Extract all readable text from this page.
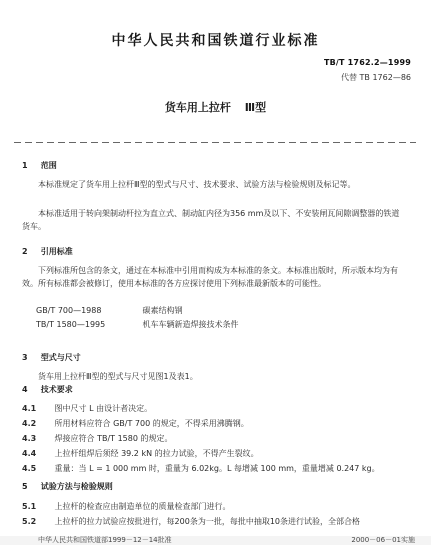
中华人民共和国铁道行业标准
TB/T 1762.2—1999
代替 TB 1762—86
货车用上拉杆 Ⅲ型
1 范围
本标准规定了货车用上拉杆Ⅲ型的型式与尺寸、技术要求、试验方法与检验规则及标记等。
本标准适用于转向架制动杆拉为直立式、制动缸内径为356 mm及以下、不安装闸瓦间隙调整器的铁道货车。
2 引用标准
下列标准所包含的条文，通过在本标准中引用而构成为本标准的条文。本标准出版时，所示版本均为有效。所有标准都会被修订，使用本标准的各方应探讨使用下列标准最新版本的可能性。
GB/T 700—1988	碳素结构钢
TB/T 1580—1995	机车车辆新造焊接技术条件
3 型式与尺寸
货车用上拉杆Ⅲ型的型式与尺寸见图1及表1。
4 技术要求
4.1 图中尺寸 L 由设计者决定。
4.2 所用材料应符合 GB/T 700 的规定，不得采用沸腾钢。
4.3 焊接应符合 TB/T 1580 的规定。
4.4 上拉杆组焊后须经 39.2 kN 的拉力试验，不得产生裂纹。
4.5 重量：当 L = 1 000 mm 时，重量为 6.02kg。L 每增减 100 mm，重量增减 0.247 kg。
5 试验方法与检验规则
5.1 上拉杆的检查应由制造单位的质量检查部门进行。
5.2 上拉杆的拉力试验应按批进行，每200条为一批，每批中抽取10条进行试验，全部合格
中华人民共和国铁道部1999－12－14批准	2000－06－01实施
